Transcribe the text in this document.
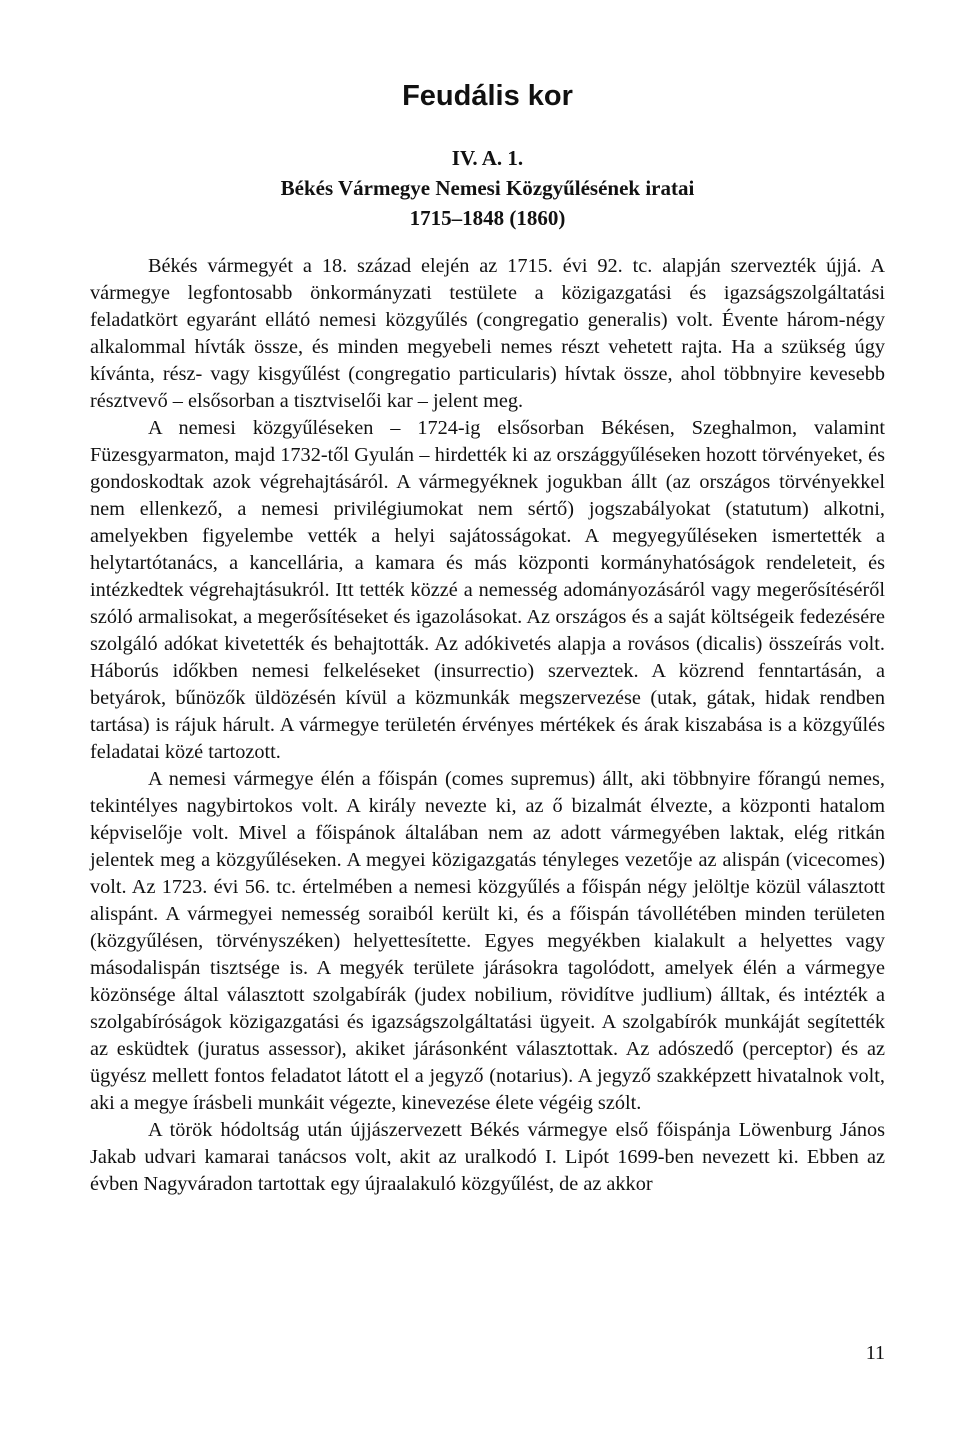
Feudális kor
IV. A. 1.
Békés Vármegye Nemesi Közgyűlésének iratai
1715–1848 (1860)

Békés vármegyét a 18. század elején az 1715. évi 92. tc. alapján szervezték újjá. A vármegye legfontosabb önkormányzati testülete a közigazgatási és igazságszolgáltatási feladatkört egyaránt ellátó nemesi közgyűlés (congregatio generalis) volt. Évente három-négy alkalommal hívták össze, és minden megyebeli nemes részt vehetett rajta. Ha a szükség úgy kívánta, rész- vagy kisgyűlést (congregatio particularis) hívtak össze, ahol többnyire kevesebb résztvevő – elsősorban a tisztviselői kar – jelent meg.

A nemesi közgyűléseken – 1724-ig elsősorban Békésen, Szeghalmon, valamint Füzesgyarmaton, majd 1732-től Gyulán – hirdették ki az országgyűléseken hozott törvényeket, és gondoskodtak azok végrehajtásáról. A vármegyéknek jogukban állt (az országos törvényekkel nem ellenkező, a nemesi privilégiumokat nem sértő) jogszabályokat (statutum) alkotni, amelyekben figyelembe vették a helyi sajátosságokat. A megyegyűléseken ismertették a helytartótanács, a kancellária, a kamara és más központi kormányhatóságok rendeleteit, és intézkedtek végrehajtásukról. Itt tették közzé a nemesség adományozásáról vagy megerősítéséről szóló armalisokat, a megerősítéseket és igazolásokat. Az országos és a saját költségeik fedezésére szolgáló adókat kivetették és behajtották. Az adókivetés alapja a rovásos (dicalis) összeírás volt. Háborús időkben nemesi felkeléseket (insurrectio) szerveztek. A közrend fenntartásán, a betyárok, bűnözők üldözésén kívül a közmunkák megszervezése (utak, gátak, hidak rendben tartása) is rájuk hárult. A vármegye területén érvényes mértékek és árak kiszabása is a közgyűlés feladatai közé tartozott.

A nemesi vármegye élén a főispán (comes supremus) állt, aki többnyire főrangú nemes, tekintélyes nagybirtokos volt. A király nevezte ki, az ő bizalmát élvezte, a központi hatalom képviselője volt. Mivel a főispánok általában nem az adott vármegyében laktak, elég ritkán jelentek meg a közgyűléseken. A megyei közigazgatás tényleges vezetője az alispán (vicecomes) volt. Az 1723. évi 56. tc. értelmében a nemesi közgyűlés a főispán négy jelöltje közül választott alispánt. A vármegyei nemesség soraiból került ki, és a főispán távollétében minden területen (közgyűlésen, törvényszéken) helyettesítette. Egyes megyékben kialakult a helyettes vagy másodalispán tisztsége is. A megyék területe járásokra tagolódott, amelyek élén a vármegye közönsége által választott szolgabírák (judex nobilium, rövidítve judlium) álltak, és intézték a szolgabíróságok közigazgatási és igazságszolgáltatási ügyeit. A szolgabírók munkáját segítették az esküdtek (juratus assessor), akiket járásonként választottak. Az adószedő (perceptor) és az ügyész mellett fontos feladatot látott el a jegyző (notarius). A jegyző szakképzett hivatalnok volt, aki a megye írásbeli munkáit végezte, kinevezése élete végéig szólt.

A török hódoltság után újjászervezett Békés vármegye első főispánja Löwenburg János Jakab udvari kamarai tanácsos volt, akit az uralkodó I. Lipót 1699-ben nevezett ki. Ebben az évben Nagyváradon tartottak egy újraalakuló közgyűlést, de az akkor

11
